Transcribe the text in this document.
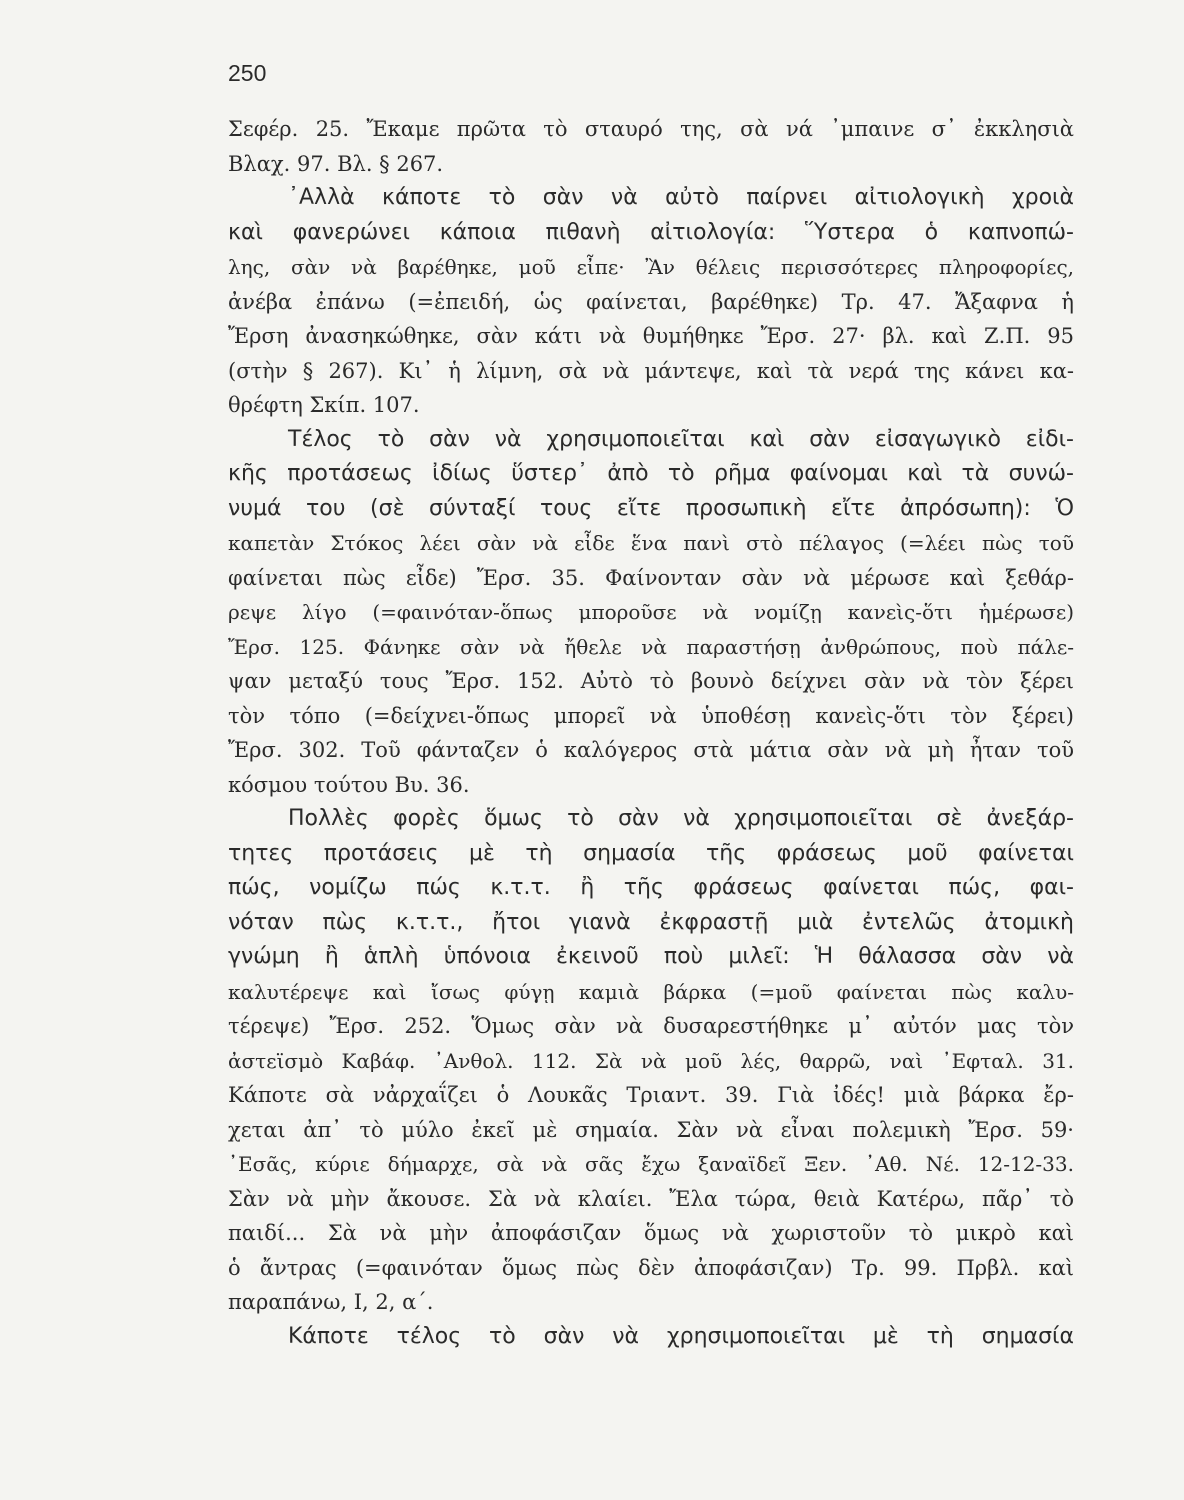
250
Σεφέρ. 25. Ἔκαμε πρῶτα τὸ σταυρό της, σὰ νά ᾿μπαινε σ᾿ ἐκκλησιὰ
Βλαχ. 97. Βλ. § 267.
᾿Αλλὰ κάποτε τὸ σὰν νὰ αὐτὸ παίρνει αἰτιολογικὴ χροιὰ
καὶ φανερώνει κάποια πιθανὴ αἰτιολογία: Ὕστερα ὁ καπνοπώ-
λης, σὰν νὰ βαρέθηκε, μοῦ εἶπε· Ἂν θέλεις περισσότερες πληροφορίες,
ἀνέβα ἐπάνω (=ἐπειδή, ὡς φαίνεται, βαρέθηκε) Τρ. 47. Ἄξαφνα ἡ
Ἔρση ἀνασηκώθηκε, σὰν κάτι νὰ θυμήθηκε Ἔρσ. 27· βλ. καὶ Ζ.Π. 95
(στὴν § 267). Κι᾿ ἡ λίμνη, σὰ νὰ μάντεψε, καὶ τὰ νερά της κάνει κα-
θρέφτη Σκίπ. 107.
Τέλος τὸ σὰν νὰ χρησιμοποιεῖται καὶ σὰν εἰσαγωγικὸ εἰδι-
κῆς προτάσεως ἰδίως ὕστερ᾿ ἀπὸ τὸ ρῆμα φαίνομαι καὶ τὰ συνώ-
νυμά του (σὲ σύνταξί τους εἴτε προσωπικὴ εἴτε ἀπρόσωπη): Ὁ
καπετὰν Στόκος λέει σὰν νὰ εἶδε ἕνα πανὶ στὸ πέλαγος (=λέει πὼς τοῦ
φαίνεται πὼς εἶδε) Ἔρσ. 35. Φαίνονταν σὰν νὰ μέρωσε καὶ ξεθάρ-
ρεψε λίγο (=φαινόταν-ὅπως μποροῦσε νὰ νομίζῃ κανεὶς-ὅτι ἡμέρωσε)
Ἔρσ. 125. Φάνηκε σὰν νὰ ἤθελε νὰ παραστήσῃ ἀνθρώπους, ποὺ πάλε-
ψαν μεταξύ τους Ἔρσ. 152. Αὐτὸ τὸ βουνὸ δείχνει σὰν νὰ τὸν ξέρει
τὸν τόπο (=δείχνει-ὅπως μπορεῖ νὰ ὑποθέσῃ κανεὶς-ὅτι τὸν ξέρει)
Ἔρσ. 302. Τοῦ φάνταζεν ὁ καλόγερος στὰ μάτια σὰν νὰ μὴ ἦταν τοῦ
κόσμου τούτου Βυ. 36.
Πολλὲς φορὲς ὅμως τὸ σὰν νὰ χρησιμοποιεῖται σὲ ἀνεξάρ-
τητες προτάσεις μὲ τὴ σημασία τῆς φράσεως μοῦ φαίνεται
πώς, νομίζω πώς κ.τ.τ. ἢ τῆς φράσεως φαίνεται πώς, φαι-
νόταν πὼς κ.τ.τ., ἤτοι γιανὰ ἐκφραστῇ μιὰ ἐντελῶς ἀτομικὴ
γνώμη ἢ ἁπλὴ ὑπόνοια ἐκεινοῦ ποὺ μιλεῖ: Ἡ θάλασσα σὰν νὰ
καλυτέρεψε καὶ ἴσως φύγῃ καμιὰ βάρκα (=μοῦ φαίνεται πὼς καλυ-
τέρεψε) Ἔρσ. 252. Ὅμως σὰν νὰ δυσαρεστήθηκε μ᾿ αὐτόν μας τὸν
ἀστεϊσμὸ Καβάφ. ᾿Ανθολ. 112. Σὰ νὰ μοῦ λές, θαρρῶ, ναὶ ᾿Εφταλ. 31.
Κάποτε σὰ νἀρχαΐζει ὁ Λουκᾶς Τριαντ. 39. Γιὰ ἰδές! μιὰ βάρκα ἔρ-
χεται ἀπ᾿ τὸ μύλο ἐκεῖ μὲ σημαία. Σὰν νὰ εἶναι πολεμικὴ Ἔρσ. 59·
᾿Εσᾶς, κύριε δήμαρχε, σὰ νὰ σᾶς ἔχω ξαναϊδεῖ Ξεν. ᾿Αθ. Νέ. 12-12-33.
Σὰν νὰ μὴν ἄκουσε. Σὰ νὰ κλαίει. Ἔλα τώρα, θειὰ Κατέρω, πᾶρ᾿ τὸ
παιδί... Σὰ νὰ μὴν ἀποφάσιζαν ὅμως νὰ χωριστοῦν τὸ μικρὸ καὶ
ὁ ἄντρας (=φαινόταν ὅμως πὼς δὲν ἀποφάσιζαν) Τρ. 99. Πρβλ. καὶ
παραπάνω, Ι, 2, α΄.
Κάποτε τέλος τὸ σὰν νὰ χρησιμοποιεῖται μὲ τὴ σημασία
